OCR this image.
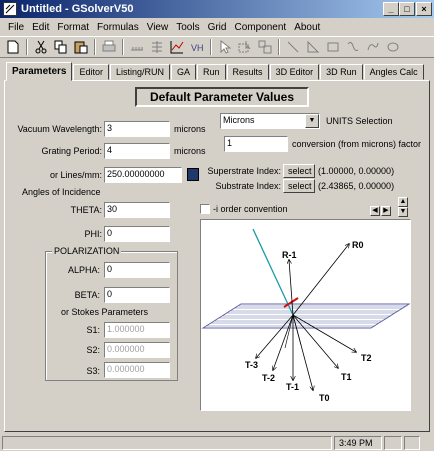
Untitled - GSolverV50	_	□	×
File Edit Format Formulas View Tools Grid Component About
VH
Parameters	Editor	Listing/RUN	GA	Run	Results	3D Editor	3D Run	Angles Calc
Default Parameter Values
Vacuum Wavelength: 3	microns
Grating Period: 4	microns
or Lines/mm: 250.00000000
Angles of Incidence
THETA: 30
PHI: 0
POLARIZATION
ALPHA: 0
BETA: 0
or Stokes Parameters
S1: 1.000000
S2: 0.000000
S3: 0.000000
Microns	▼	UNITS Selection
1	conversion (from microns) factor
Superstrate Index: select (1.00000, 0.00000)
Substrate Index: select (2.43865, 0.00000)
-i order convention	◀ ▶
▲
▼
R0
R-1
T-3
T-2
T-1
T0
T1
T2
3:49 PM
